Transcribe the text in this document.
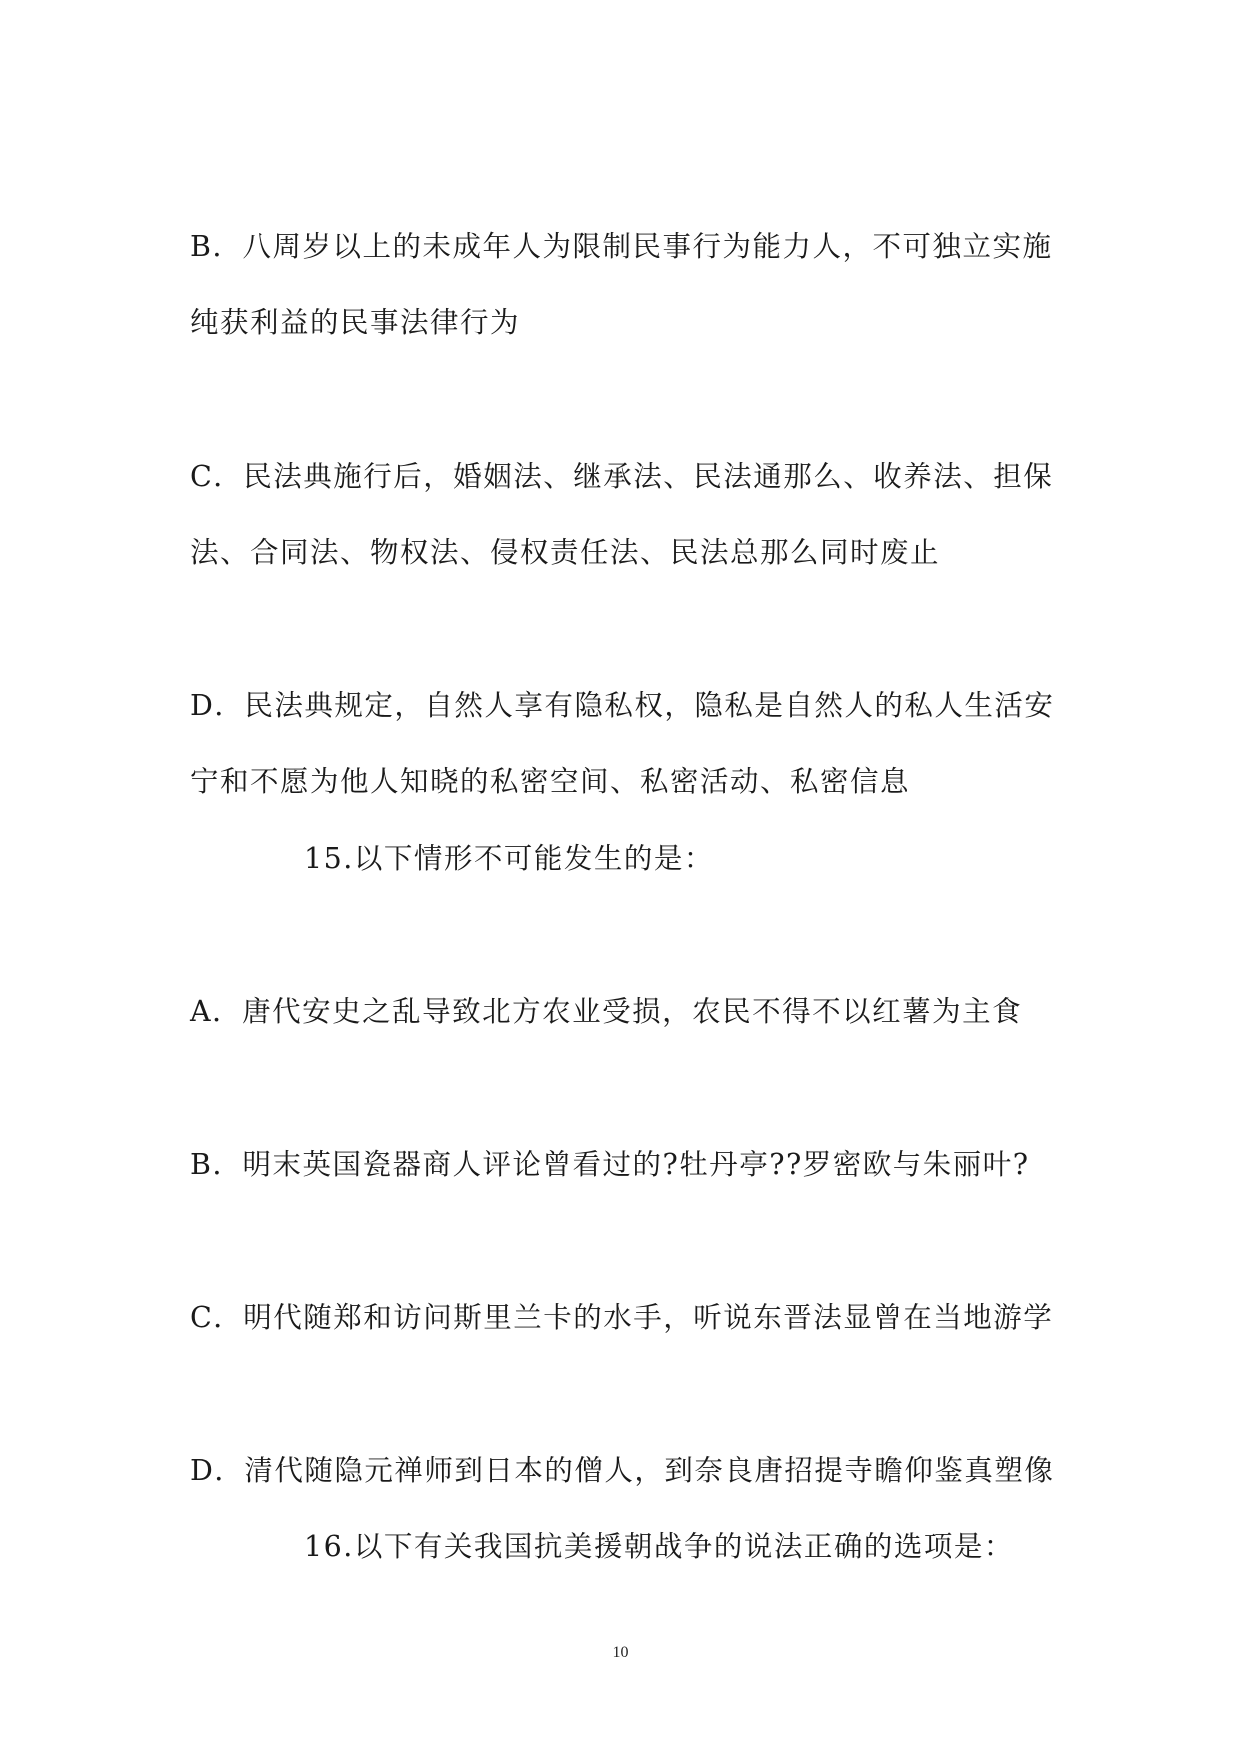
B．八周岁以上的未成年人为限制民事行为能力人，不可独立实施
纯获利益的民事法律行为
C．民法典施行后，婚姻法、继承法、民法通那么、收养法、担保
法、合同法、物权法、侵权责任法、民法总那么同时废止
D．民法典规定，自然人享有隐私权，隐私是自然人的私人生活安
宁和不愿为他人知晓的私密空间、私密活动、私密信息
15.以下情形不可能发生的是：
A．唐代安史之乱导致北方农业受损，农民不得不以红薯为主食
B．明末英国瓷器商人评论曾看过的?牡丹亭??罗密欧与朱丽叶?
C．明代随郑和访问斯里兰卡的水手，听说东晋法显曾在当地游学
D．清代随隐元禅师到日本的僧人，到奈良唐招提寺瞻仰鉴真塑像
16.以下有关我国抗美援朝战争的说法正确的选项是：
10
